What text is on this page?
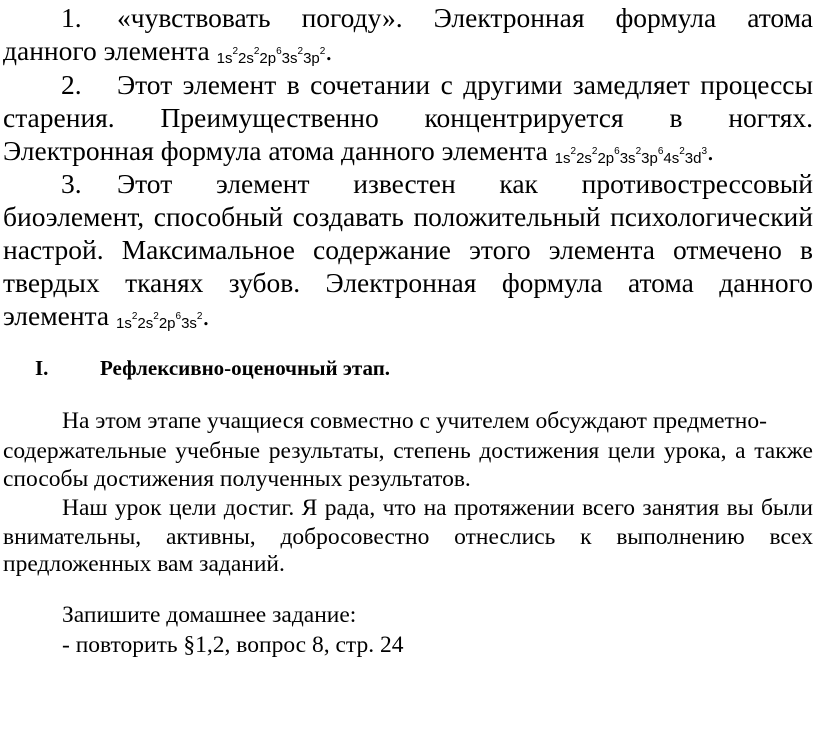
1. «чувствовать погоду». Электронная формула атома
данного элемента $1s^22s^22p^63s^23p^2$.
2. Этот элемент в сочетании с другими замедляет процессы
старения. Преимущественно концентрируется в ногтях.
Электронная формула атома данного элемента $1s^22s^22p^63s^23p^64s^23d^3$.
3. Этот элемент известен как противострессовый
биоэлемент, способный создавать положительный психологический
настрой. Максимальное содержание этого элемента отмечено в
твердых тканях зубов. Электронная формула атома данного
элемента $1s^22s^22p^63s^2$.
I. Рефлексивно-оценочный этап.
На этом этапе учащиеся совместно с учителем обсуждают предметно-
содержательные учебные результаты, степень достижения цели урока, а также
способы достижения полученных результатов.
Наш урок цели достиг. Я рада, что на протяжении всего занятия вы были
внимательны, активны, добросовестно отнеслись к выполнению всех
предложенных вам заданий.
Запишите домашнее задание:
- повторить §1,2, вопрос 8, стр. 24
